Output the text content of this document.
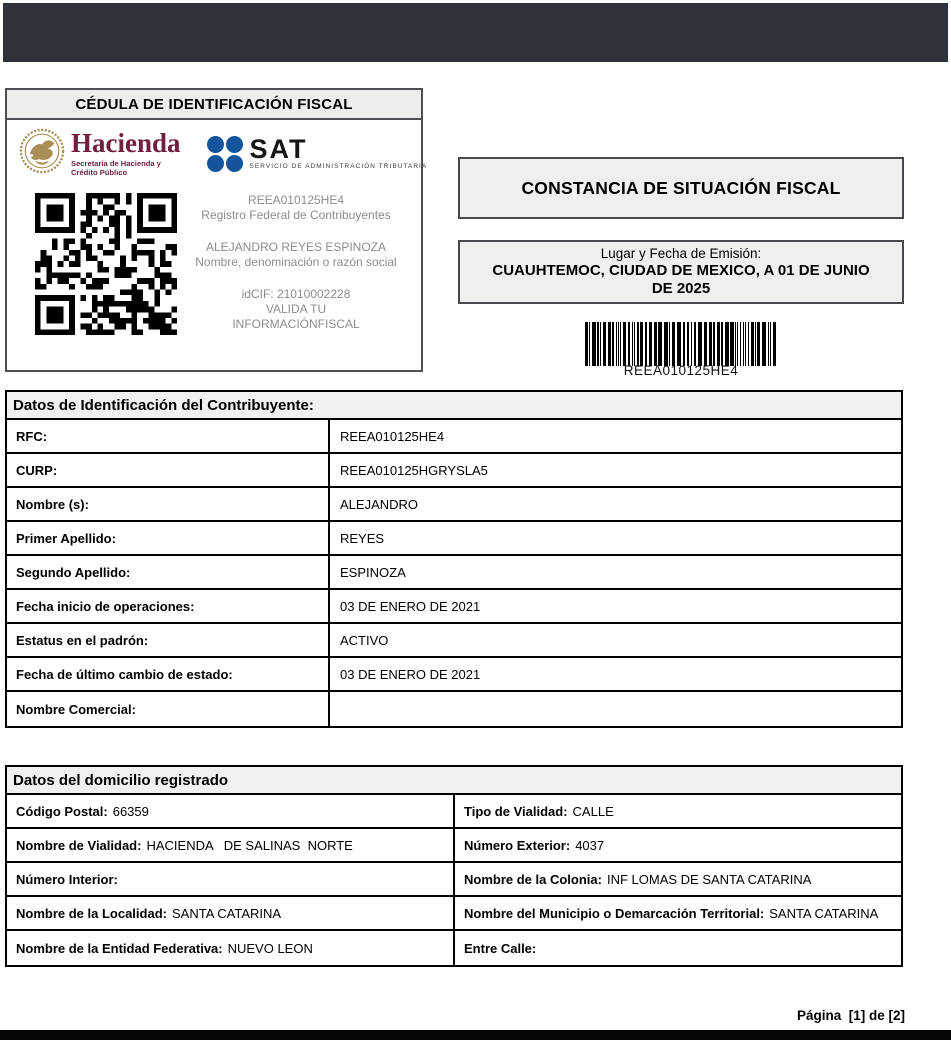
CÉDULA DE IDENTIFICACIÓN FISCAL
Hacienda
Secretaría de Hacienda y Crédito Público
SAT
SERVICIO DE ADMINISTRACIÓN TRIBUTARIA
REEA010125HE4
Registro Federal de Contribuyentes
ALEJANDRO REYES ESPINOZA
Nombre, denominación o razón social
idCIF: 21010002228
VALIDA TU
INFORMACIÓNFISCAL
CONSTANCIA DE SITUACIÓN FISCAL
Lugar y Fecha de Emisión:
CUAUHTEMOC, CIUDAD DE MEXICO, A 01 DE JUNIO DE 2025
REEA010125HE4
Datos de Identificación del Contribuyente:
RFC:	REEA010125HE4
CURP:	REEA010125HGRYSLA5
Nombre (s):	ALEJANDRO
Primer Apellido:	REYES
Segundo Apellido:	ESPINOZA
Fecha inicio de operaciones:	03 DE ENERO DE 2021
Estatus en el padrón:	ACTIVO
Fecha de último cambio de estado:	03 DE ENERO DE 2021
Nombre Comercial:
Datos del domicilio registrado
Código Postal: 66359	Tipo de Vialidad: CALLE
Nombre de Vialidad: HACIENDA   DE SALINAS  NORTE	Número Exterior: 4037
Número Interior:	Nombre de la Colonia: INF LOMAS DE SANTA CATARINA
Nombre de la Localidad: SANTA CATARINA	Nombre del Municipio o Demarcación Territorial: SANTA CATARINA
Nombre de la Entidad Federativa: NUEVO LEON	Entre Calle:
Página  [1] de [2]
